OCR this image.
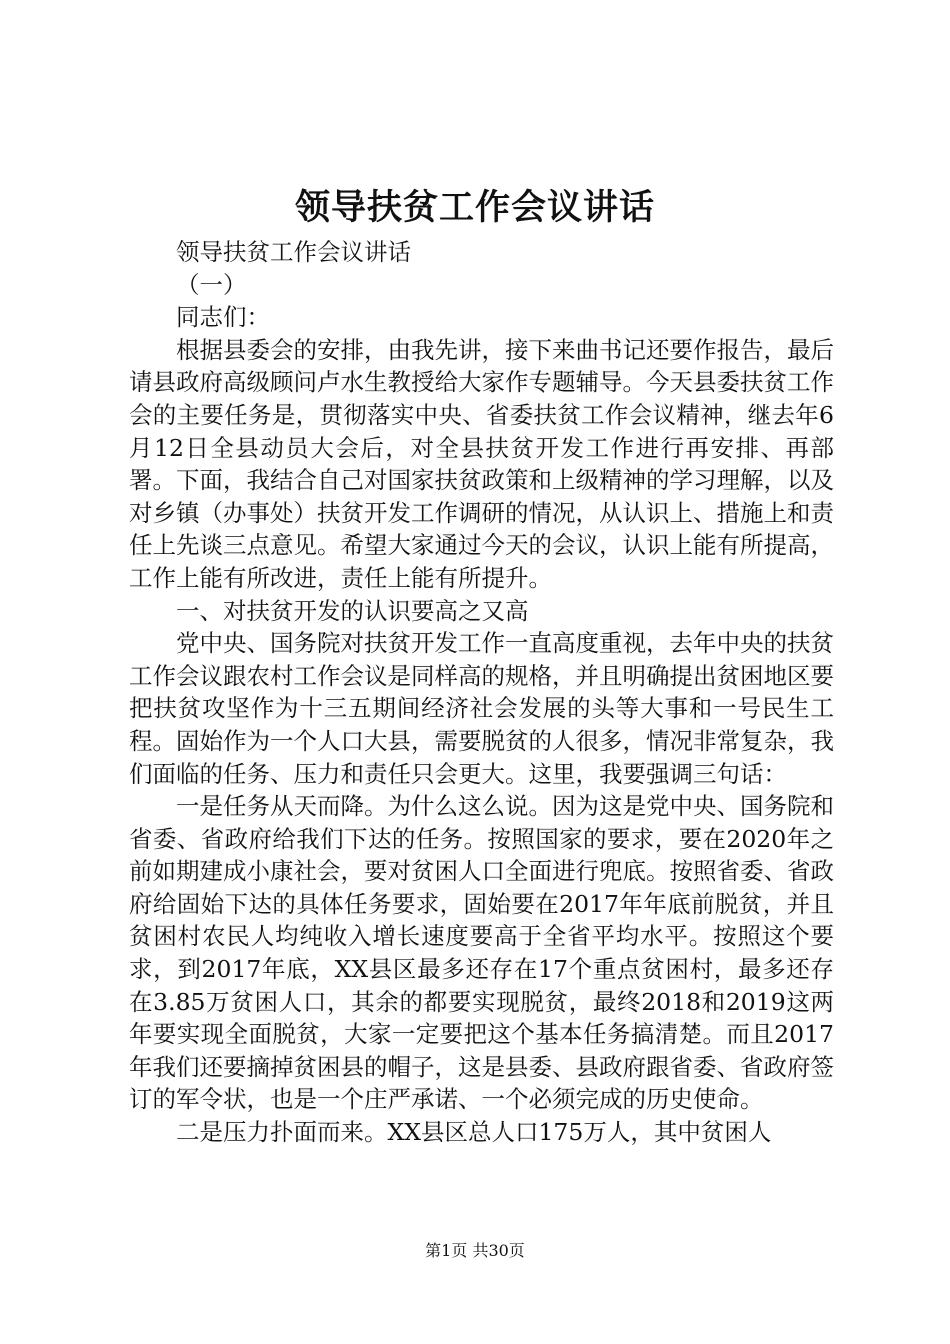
领导扶贫工作会议讲话

领导扶贫工作会议讲话

（一）

同志们：

根据县委会的安排，由我先讲，接下来曲书记还要作报告，最后请县政府高级顾问卢水生教授给大家作专题辅导。今天县委扶贫工作会的主要任务是，贯彻落实中央、省委扶贫工作会议精神，继去年6月12日全县动员大会后，对全县扶贫开发工作进行再安排、再部署。下面，我结合自己对国家扶贫政策和上级精神的学习理解，以及对乡镇（办事处）扶贫开发工作调研的情况，从认识上、措施上和责任上先谈三点意见。希望大家通过今天的会议，认识上能有所提高，工作上能有所改进，责任上能有所提升。

一、对扶贫开发的认识要高之又高

党中央、国务院对扶贫开发工作一直高度重视，去年中央的扶贫工作会议跟农村工作会议是同样高的规格，并且明确提出贫困地区要把扶贫攻坚作为十三五期间经济社会发展的头等大事和一号民生工程。固始作为一个人口大县，需要脱贫的人很多，情况非常复杂，我们面临的任务、压力和责任只会更大。这里，我要强调三句话：

一是任务从天而降。为什么这么说。因为这是党中央、国务院和省委、省政府给我们下达的任务。按照国家的要求，要在2020年之前如期建成小康社会，要对贫困人口全面进行兜底。按照省委、省政府给固始下达的具体任务要求，固始要在2017年年底前脱贫，并且贫困村农民人均纯收入增长速度要高于全省平均水平。按照这个要求，到2017年底，XX县区最多还存在17个重点贫困村，最多还存在3.85万贫困人口，其余的都要实现脱贫，最终2018和2019这两年要实现全面脱贫，大家一定要把这个基本任务搞清楚。而且2017年我们还要摘掉贫困县的帽子，这是县委、县政府跟省委、省政府签订的军令状，也是一个庄严承诺、一个必须完成的历史使命。

二是压力扑面而来。XX县区总人口175万人，其中贫困人

第1页 共30页
